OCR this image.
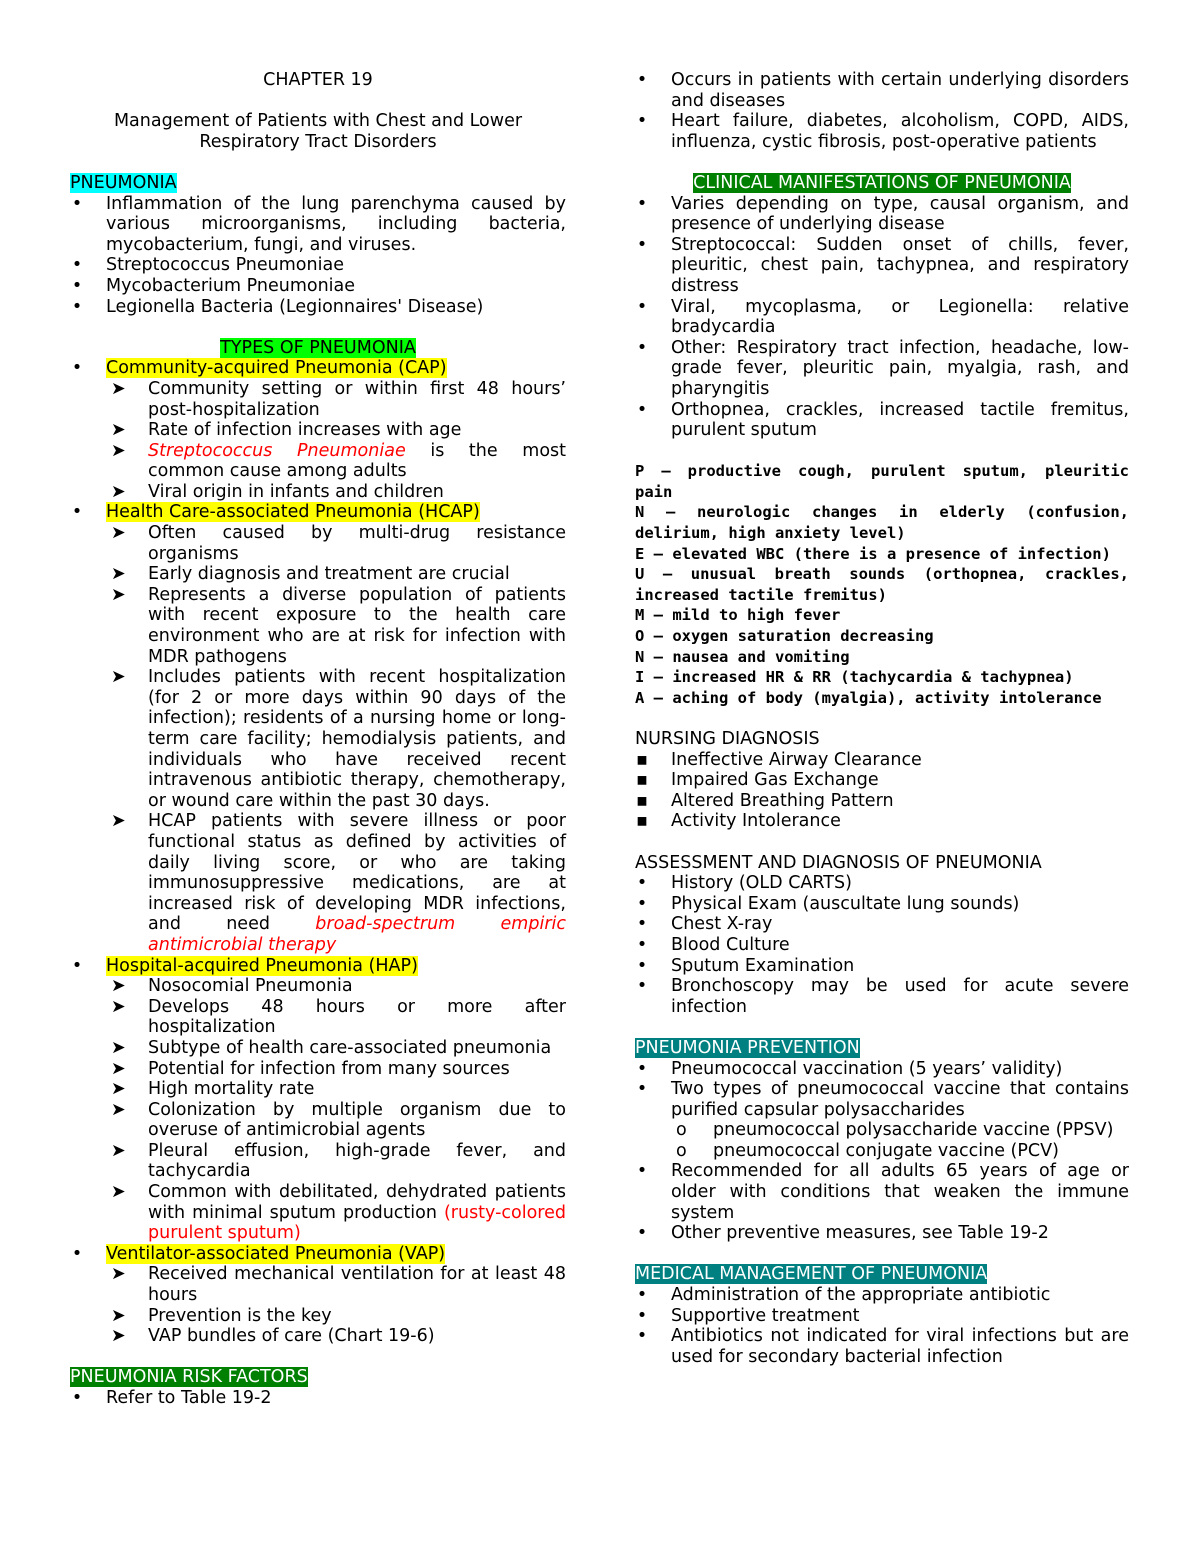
CHAPTER 19
Management of Patients with Chest and Lower Respiratory Tract Disorders
PNEUMONIA
• Inflammation of the lung parenchyma caused by various microorganisms, including bacteria, mycobacterium, fungi, and viruses.
• Streptococcus Pneumoniae
• Mycobacterium Pneumoniae
• Legionella Bacteria (Legionnaires' Disease)
TYPES OF PNEUMONIA
• Community-acquired Pneumonia (CAP)
➤ Community setting or within first 48 hours’ post-hospitalization
➤ Rate of infection increases with age
➤ Streptococcus Pneumoniae is the most common cause among adults
➤ Viral origin in infants and children
• Health Care-associated Pneumonia (HCAP)
➤ Often caused by multi-drug resistance organisms
➤ Early diagnosis and treatment are crucial
➤ Represents a diverse population of patients with recent exposure to the health care environment who are at risk for infection with MDR pathogens
➤ Includes patients with recent hospitalization (for 2 or more days within 90 days of the infection); residents of a nursing home or long-term care facility; hemodialysis patients, and individuals who have received recent intravenous antibiotic therapy, chemotherapy, or wound care within the past 30 days.
➤ HCAP patients with severe illness or poor functional status as defined by activities of daily living score, or who are taking immunosuppressive medications, are at increased risk of developing MDR infections, and need broad-spectrum empiric antimicrobial therapy
• Hospital-acquired Pneumonia (HAP)
➤ Nosocomial Pneumonia
➤ Develops 48 hours or more after hospitalization
➤ Subtype of health care-associated pneumonia
➤ Potential for infection from many sources
➤ High mortality rate
➤ Colonization by multiple organism due to overuse of antimicrobial agents
➤ Pleural effusion, high-grade fever, and tachycardia
➤ Common with debilitated, dehydrated patients with minimal sputum production (rusty-colored purulent sputum)
• Ventilator-associated Pneumonia (VAP)
➤ Received mechanical ventilation for at least 48 hours
➤ Prevention is the key
➤ VAP bundles of care (Chart 19-6)
PNEUMONIA RISK FACTORS
• Refer to Table 19-2
• Occurs in patients with certain underlying disorders and diseases
• Heart failure, diabetes, alcoholism, COPD, AIDS, influenza, cystic fibrosis, post-operative patients
CLINICAL MANIFESTATIONS OF PNEUMONIA
• Varies depending on type, causal organism, and presence of underlying disease
• Streptococcal: Sudden onset of chills, fever, pleuritic, chest pain, tachypnea, and respiratory distress
• Viral, mycoplasma, or Legionella: relative bradycardia
• Other: Respiratory tract infection, headache, low-grade fever, pleuritic pain, myalgia, rash, and pharyngitis
• Orthopnea, crackles, increased tactile fremitus, purulent sputum
P – productive cough, purulent sputum, pleuritic pain
N – neurologic changes in elderly (confusion, delirium, high anxiety level)
E – elevated WBC (there is a presence of infection)
U – unusual breath sounds (orthopnea, crackles, increased tactile fremitus)
M – mild to high fever
O – oxygen saturation decreasing
N – nausea and vomiting
I – increased HR & RR (tachycardia & tachypnea)
A – aching of body (myalgia), activity intolerance
NURSING DIAGNOSIS
▪ Ineffective Airway Clearance
▪ Impaired Gas Exchange
▪ Altered Breathing Pattern
▪ Activity Intolerance
ASSESSMENT AND DIAGNOSIS OF PNEUMONIA
• History (OLD CARTS)
• Physical Exam (auscultate lung sounds)
• Chest X-ray
• Blood Culture
• Sputum Examination
• Bronchoscopy may be used for acute severe infection
PNEUMONIA PREVENTION
• Pneumococcal vaccination (5 years’ validity)
• Two types of pneumococcal vaccine that contains purified capsular polysaccharides
o pneumococcal polysaccharide vaccine (PPSV)
o pneumococcal conjugate vaccine (PCV)
• Recommended for all adults 65 years of age or older with conditions that weaken the immune system
• Other preventive measures, see Table 19-2
MEDICAL MANAGEMENT OF PNEUMONIA
• Administration of the appropriate antibiotic
• Supportive treatment
• Antibiotics not indicated for viral infections but are used for secondary bacterial infection
